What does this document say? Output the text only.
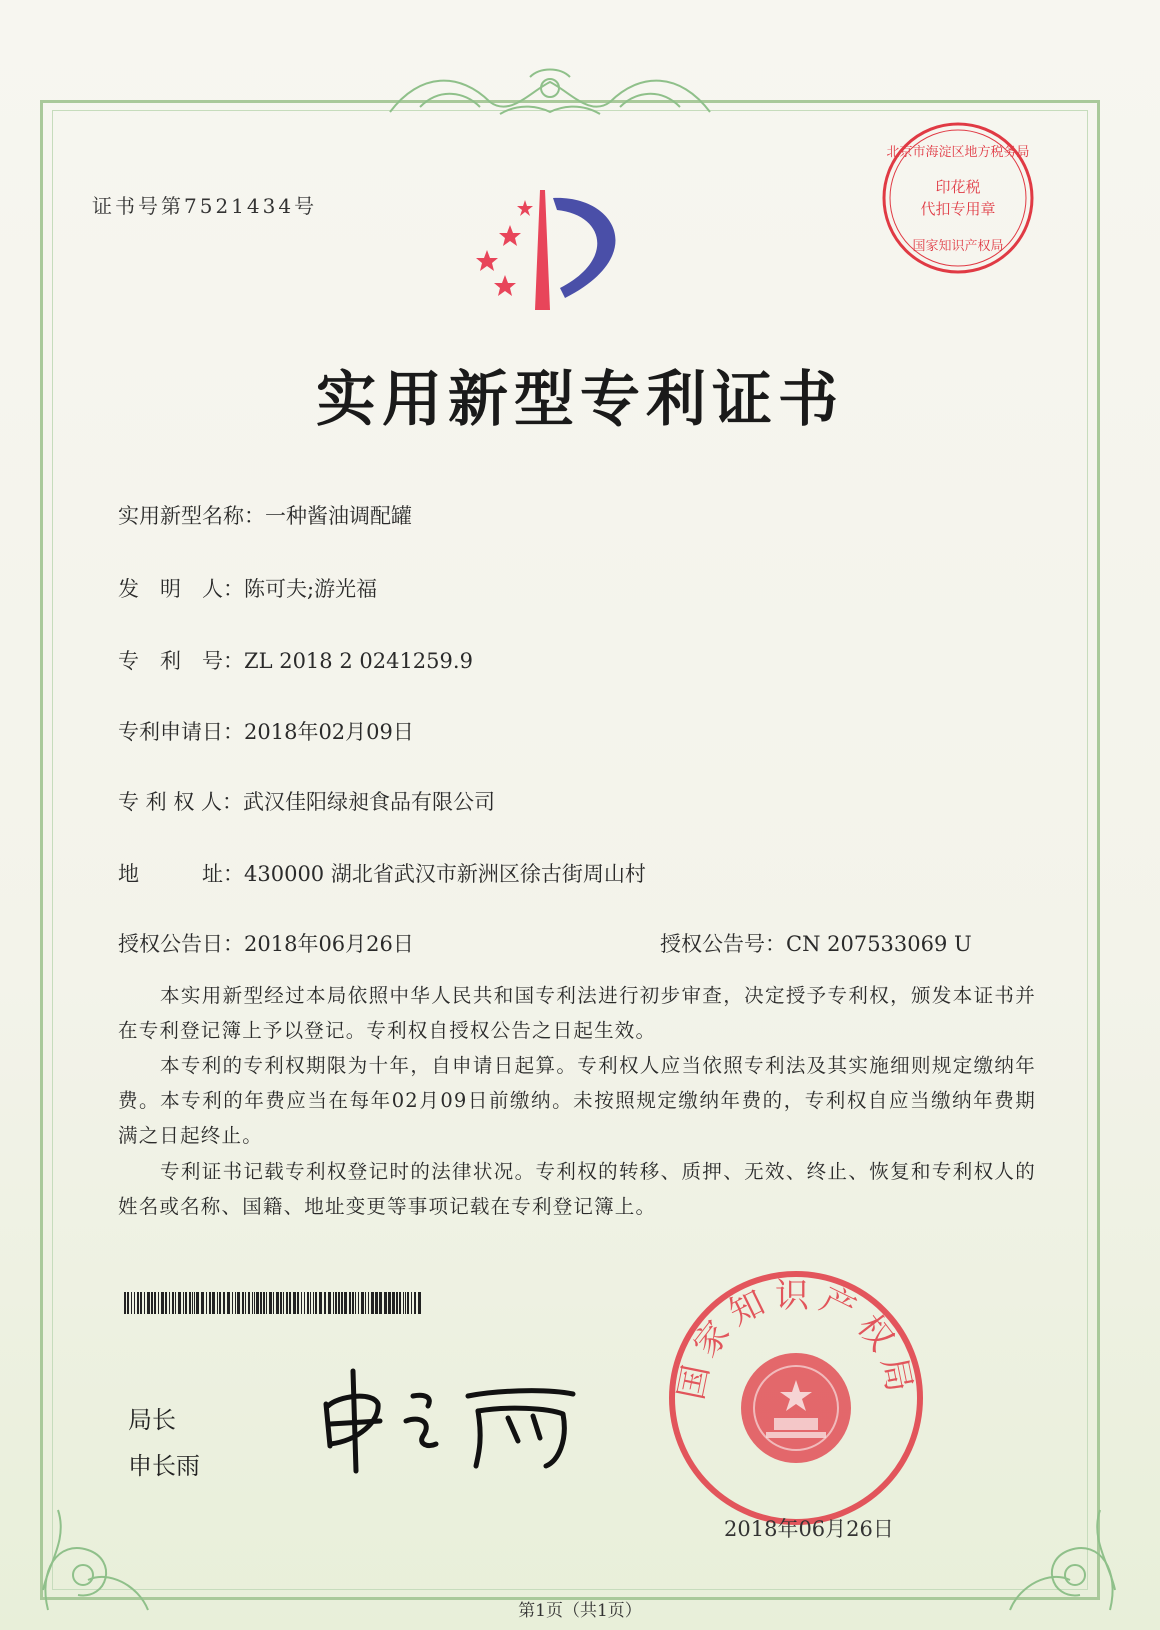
证书号第7521434号
北京市海淀区地方税务局
印花税
代扣专用章
国家知识产权局
实用新型专利证书
实用新型名称：一种酱油调配罐
发　明　人：陈可夫;游光福
专　利　号：ZL 2018 2 0241259.9
专利申请日：2018年02月09日
专 利 权 人：武汉佳阳绿昶食品有限公司
地　　　址：430000 湖北省武汉市新洲区徐古街周山村
授权公告日：2018年06月26日	授权公告号：CN 207533069 U
本实用新型经过本局依照中华人民共和国专利法进行初步审查，决定授予专利权，颁发本证书并在专利登记簿上予以登记。专利权自授权公告之日起生效。
本专利的专利权期限为十年，自申请日起算。专利权人应当依照专利法及其实施细则规定缴纳年费。本专利的年费应当在每年02月09日前缴纳。未按照规定缴纳年费的，专利权自应当缴纳年费期满之日起终止。
专利证书记载专利权登记时的法律状况。专利权的转移、质押、无效、终止、恢复和专利权人的姓名或名称、国籍、地址变更等事项记载在专利登记簿上。
局长
申长雨
国家知识产权局
2018年06月26日
第1页（共1页）
